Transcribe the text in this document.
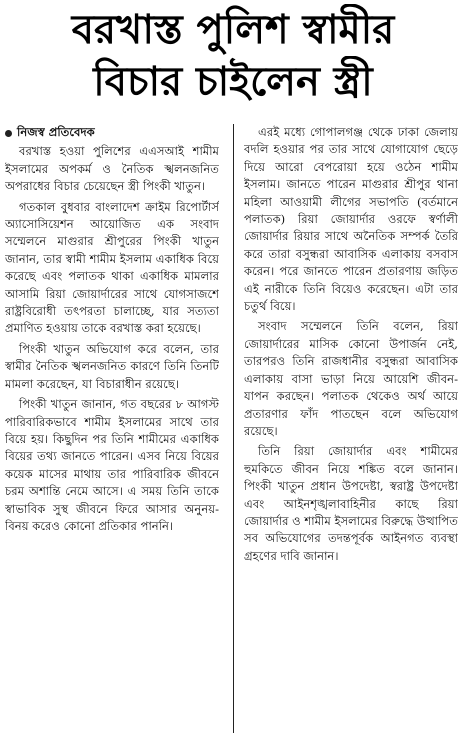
বরখাস্ত পুলিশ স্বামীর
বিচার চাইলেন স্ত্রী
নিজস্ব প্রতিবেদক

বরখাস্ত হওয়া পুলিশের এএসআই শামীম ইসলামের অপকর্ম ও নৈতিক স্খলনজনিত অপরাধের বিচার চেয়েছেন স্ত্রী পিংকী খাতুন।

গতকাল বুধবার বাংলাদেশ ক্রাইম রিপোর্টার্স অ্যাসোসিয়েশন আয়োজিত এক সংবাদ সম্মেলনে মাগুরার শ্রীপুরের পিংকী খাতুন জানান, তার স্বামী শামীম ইসলাম একাধিক বিয়ে করেছে এবং পলাতক থাকা একাধিক মামলার আসামি রিয়া জোয়ার্দারের সাথে যোগসাজশে রাষ্ট্রবিরোধী তৎপরতা চালাচ্ছে, যার সত্যতা প্রমাণিত হওয়ায় তাকে বরখাস্ত করা হয়েছে।

পিংকী খাতুন অভিযোগ করে বলেন, তার স্বামীর নৈতিক স্খলনজনিত কারণে তিনি তিনটি মামলা করেছেন, যা বিচারাধীন রয়েছে।

পিংকী খাতুন জানান, গত বছরের ৮ আগস্ট পারিবারিকভাবে শামীম ইসলামের সাথে তার বিয়ে হয়। কিছুদিন পর তিনি শামীমের একাধিক বিয়ের তথ্য জানতে পারেন। এসব নিয়ে বিয়ের কয়েক মাসের মাথায় তার পারিবারিক জীবনে চরম অশান্তি নেমে আসে। এ সময় তিনি তাকে স্বাভাবিক সুস্থ জীবনে ফিরে আসার অনুনয়-বিনয় করেও কোনো প্রতিকার পাননি।

এরই মধ্যে গোপালগঞ্জ থেকে ঢাকা জেলায় বদলি হওয়ার পর তার সাথে যোগাযোগ ছেড়ে দিয়ে আরো বেপরোয়া হয়ে ওঠেন শামীম ইসলাম। জানতে পারেন মাগুরার শ্রীপুর থানা মহিলা আওয়ামী লীগের সভাপতি (বর্তমানে পলাতক) রিয়া জোয়ার্দার ওরফে স্বর্ণালী জোয়ার্দার রিয়ার সাথে অনৈতিক সম্পর্ক তৈরি করে তারা বসুন্ধরা আবাসিক এলাকায় বসবাস করেন। পরে জানতে পারেন প্রতারণায় জড়িত এই নারীকে তিনি বিয়েও করেছেন। এটা তার চতুর্থ বিয়ে।

সংবাদ সম্মেলনে তিনি বলেন, রিয়া জোয়ার্দারের মাসিক কোনো উপার্জন নেই, তারপরও তিনি রাজধানীর বসুন্ধরা আবাসিক এলাকায় বাসা ভাড়া নিয়ে আয়েশি জীবন-যাপন করছেন। পলাতক থেকেও অর্থ আয়ে প্রতারণার ফাঁদ পাতছেন বলে অভিযোগ রয়েছে।

তিনি রিয়া জোয়ার্দার এবং শামীমের হুমকিতে জীবন নিয়ে শঙ্কিত বলে জানান। পিংকী খাতুন প্রধান উপদেষ্টা, স্বরাষ্ট্র উপদেষ্টা এবং আইনশৃঙ্খলাবাহিনীর কাছে রিয়া জোয়ার্দার ও শামীম ইসলামের বিরুদ্ধে উত্থাপিত সব অভিযোগের তদন্তপূর্বক আইনগত ব্যবস্থা গ্রহণের দাবি জানান।
